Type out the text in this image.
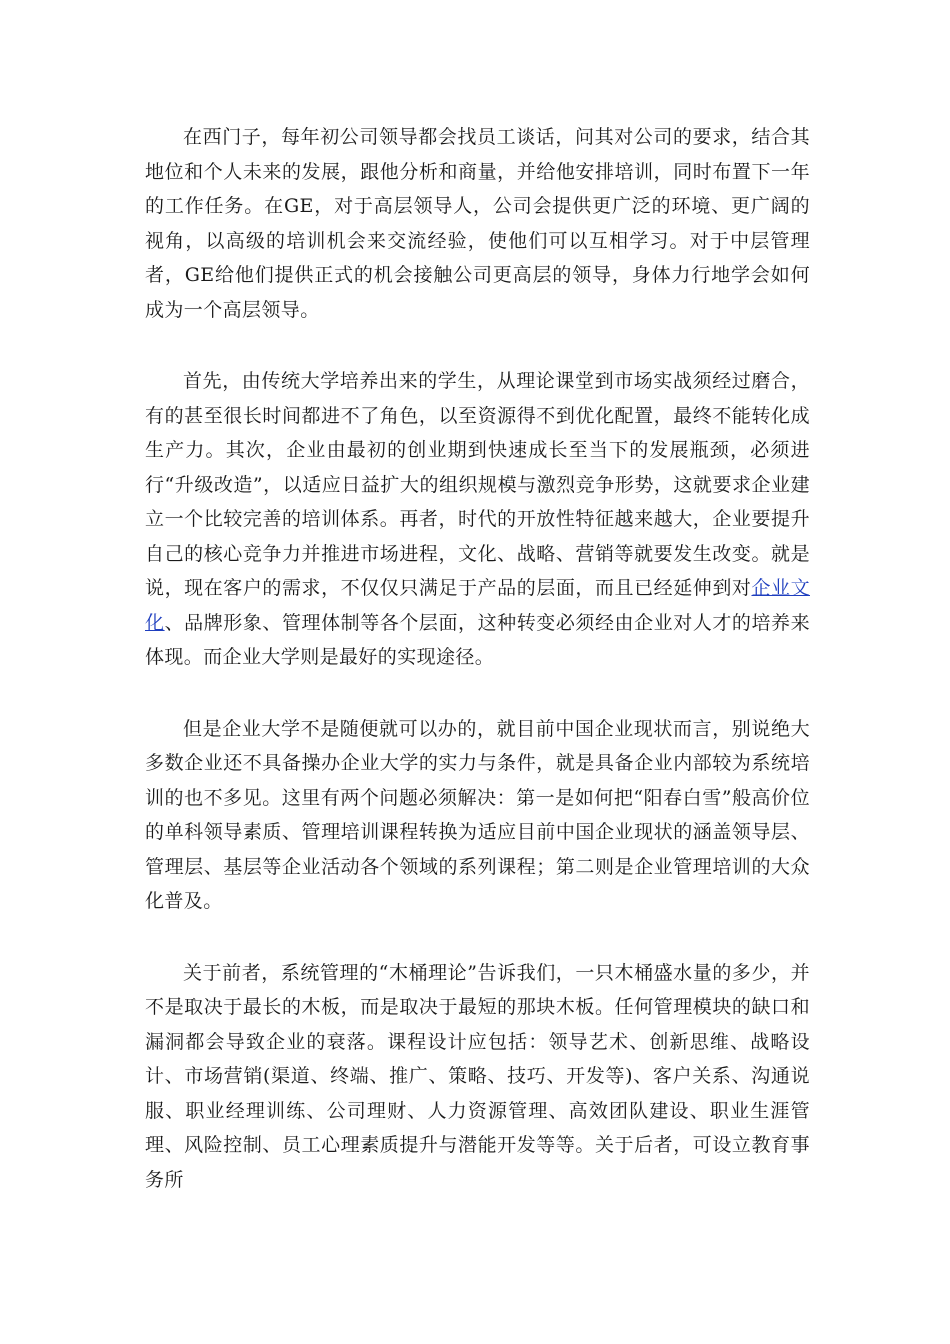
在西门子，每年初公司领导都会找员工谈话，问其对公司的要求，结合其地位和个人未来的发展，跟他分析和商量，并给他安排培训，同时布置下一年的工作任务。在GE，对于高层领导人，公司会提供更广泛的环境、更广阔的视角，以高级的培训机会来交流经验，使他们可以互相学习。对于中层管理者，GE给他们提供正式的机会接触公司更高层的领导，身体力行地学会如何成为一个高层领导。

首先，由传统大学培养出来的学生，从理论课堂到市场实战须经过磨合，有的甚至很长时间都进不了角色，以至资源得不到优化配置，最终不能转化成生产力。其次，企业由最初的创业期到快速成长至当下的发展瓶颈，必须进行“升级改造”，以适应日益扩大的组织规模与激烈竞争形势，这就要求企业建立一个比较完善的培训体系。再者，时代的开放性特征越来越大，企业要提升自己的核心竞争力并推进市场进程，文化、战略、营销等就要发生改变。就是说，现在客户的需求，不仅仅只满足于产品的层面，而且已经延伸到对企业文化、品牌形象、管理体制等各个层面，这种转变必须经由企业对人才的培养来体现。而企业大学则是最好的实现途径。

但是企业大学不是随便就可以办的，就目前中国企业现状而言，别说绝大多数企业还不具备操办企业大学的实力与条件，就是具备企业内部较为系统培训的也不多见。这里有两个问题必须解决：第一是如何把“阳春白雪”般高价位的单科领导素质、管理培训课程转换为适应目前中国企业现状的涵盖领导层、管理层、基层等企业活动各个领域的系列课程；第二则是企业管理培训的大众化普及。

关于前者，系统管理的“木桶理论”告诉我们，一只木桶盛水量的多少，并不是取决于最长的木板，而是取决于最短的那块木板。任何管理模块的缺口和漏洞都会导致企业的衰落。课程设计应包括：领导艺术、创新思维、战略设计、市场营销(渠道、终端、推广、策略、技巧、开发等)、客户关系、沟通说服、职业经理训练、公司理财、人力资源管理、高效团队建设、职业生涯管理、风险控制、员工心理素质提升与潜能开发等等。关于后者，可设立教育事务所
